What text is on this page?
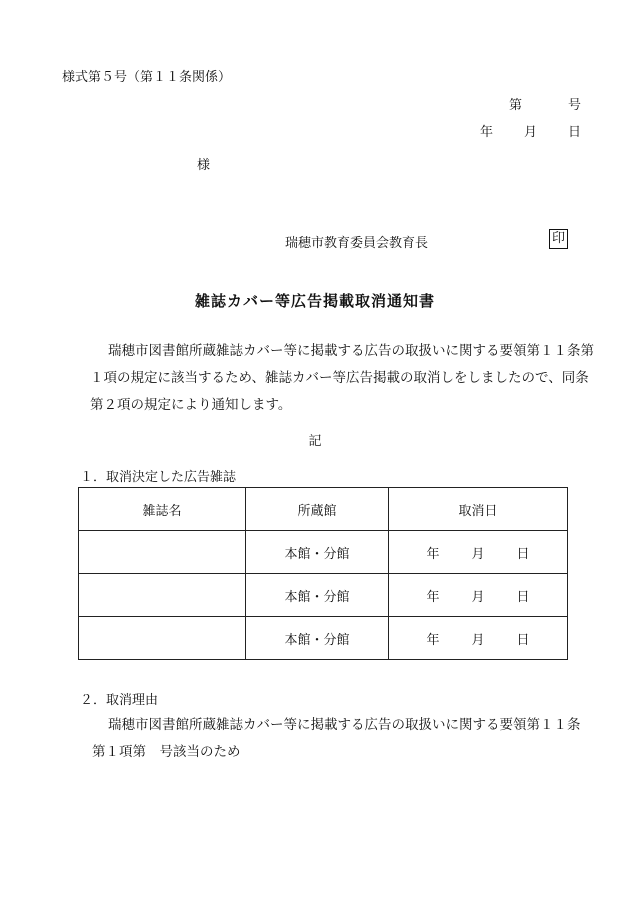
様式第５号（第１１条関係）
第	号
年 月 日
様
瑞穂市教育委員会教育長	印
雑誌カバー等広告掲載取消通知書
瑞穂市図書館所蔵雑誌カバー等に掲載する広告の取扱いに関する要領第１１条第１項の規定に該当するため、雑誌カバー等広告掲載の取消しをしましたので、同条第２項の規定により通知します。
記
１．取消決定した広告雑誌
雑誌名	所蔵館	取消日
	本館・分館	年 月 日
	本館・分館	年 月 日
	本館・分館	年 月 日
２．取消理由
瑞穂市図書館所蔵雑誌カバー等に掲載する広告の取扱いに関する要領第１１条第１項第　号該当のため
